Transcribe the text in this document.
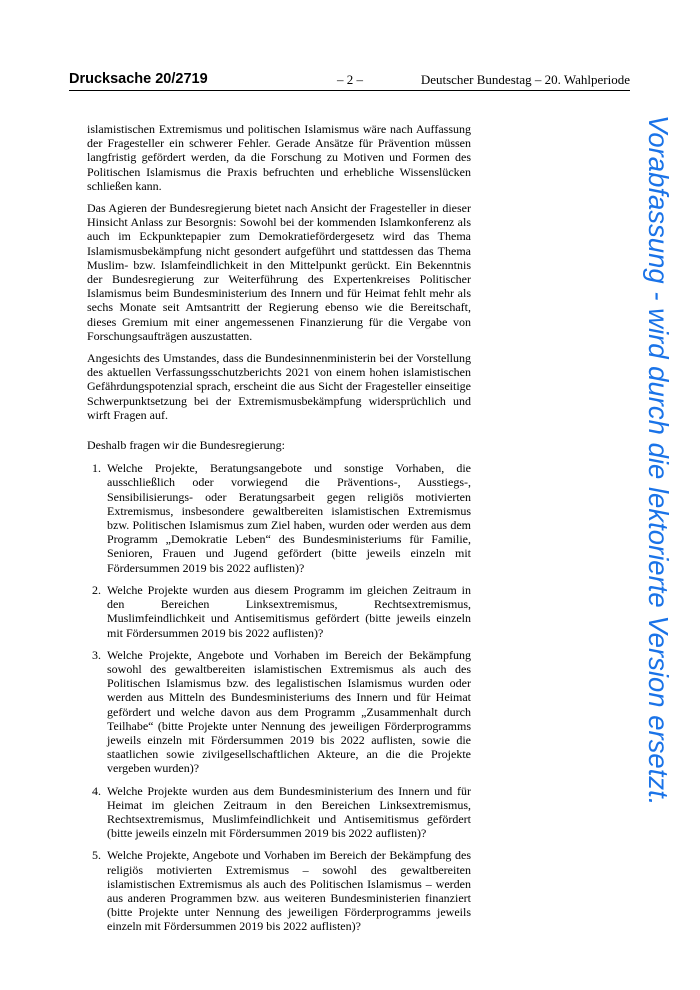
Drucksache 20/2719	– 2 –	Deutscher Bundestag – 20. Wahlperiode

islamistischen Extremismus und politischen Islamismus wäre nach Auffassung der Fragesteller ein schwerer Fehler. Gerade Ansätze für Prävention müssen langfristig gefördert werden, da die Forschung zu Motiven und Formen des Politischen Islamismus die Praxis befruchten und erhebliche Wissenslücken schließen kann.

Das Agieren der Bundesregierung bietet nach Ansicht der Fragesteller in dieser Hinsicht Anlass zur Besorgnis: Sowohl bei der kommenden Islamkonferenz als auch im Eckpunktepapier zum Demokratiefördergesetz wird das Thema Islamismusbekämpfung nicht gesondert aufgeführt und stattdessen das Thema Muslim- bzw. Islamfeindlichkeit in den Mittelpunkt gerückt. Ein Bekenntnis der Bundesregierung zur Weiterführung des Expertenkreises Politischer Islamismus beim Bundesministerium des Innern und für Heimat fehlt mehr als sechs Monate seit Amtsantritt der Regierung ebenso wie die Bereitschaft, dieses Gremium mit einer angemessenen Finanzierung für die Vergabe von Forschungsaufträgen auszustatten.

Angesichts des Umstandes, dass die Bundesinnenministerin bei der Vorstellung des aktuellen Verfassungsschutzberichts 2021 von einem hohen islamistischen Gefährdungspotenzial sprach, erscheint die aus Sicht der Fragesteller einseitige Schwerpunktsetzung bei der Extremismusbekämpfung widersprüchlich und wirft Fragen auf.

Deshalb fragen wir die Bundesregierung:

1. Welche Projekte, Beratungsangebote und sonstige Vorhaben, die ausschließlich oder vorwiegend die Präventions-, Ausstiegs-, Sensibilisierungs- oder Beratungsarbeit gegen religiös motivierten Extremismus, insbesondere gewaltbereiten islamistischen Extremismus bzw. Politischen Islamismus zum Ziel haben, wurden oder werden aus dem Programm „Demokratie Leben“ des Bundesministeriums für Familie, Senioren, Frauen und Jugend gefördert (bitte jeweils einzeln mit Fördersummen 2019 bis 2022 auflisten)?
2. Welche Projekte wurden aus diesem Programm im gleichen Zeitraum in den Bereichen Linksextremismus, Rechtsextremismus, Muslimfeindlichkeit und Antisemitismus gefördert (bitte jeweils einzeln mit Fördersummen 2019 bis 2022 auflisten)?
3. Welche Projekte, Angebote und Vorhaben im Bereich der Bekämpfung sowohl des gewaltbereiten islamistischen Extremismus als auch des Politischen Islamismus bzw. des legalistischen Islamismus wurden oder werden aus Mitteln des Bundesministeriums des Innern und für Heimat gefördert und welche davon aus dem Programm „Zusammenhalt durch Teilhabe“ (bitte Projekte unter Nennung des jeweiligen Förderprogramms jeweils einzeln mit Fördersummen 2019 bis 2022 auflisten, sowie die staatlichen sowie zivilgesellschaftlichen Akteure, an die die Projekte vergeben wurden)?
4. Welche Projekte wurden aus dem Bundesministerium des Innern und für Heimat im gleichen Zeitraum in den Bereichen Linksextremismus, Rechtsextremismus, Muslimfeindlichkeit und Antisemitismus gefördert (bitte jeweils einzeln mit Fördersummen 2019 bis 2022 auflisten)?
5. Welche Projekte, Angebote und Vorhaben im Bereich der Bekämpfung des religiös motivierten Extremismus – sowohl des gewaltbereiten islamistischen Extremismus als auch des Politischen Islamismus – werden aus anderen Programmen bzw. aus weiteren Bundesministerien finanziert (bitte Projekte unter Nennung des jeweiligen Förderprogramms jeweils einzeln mit Fördersummen 2019 bis 2022 auflisten)?
Vorabfassung - wird durch die lektorierte Version ersetzt.
